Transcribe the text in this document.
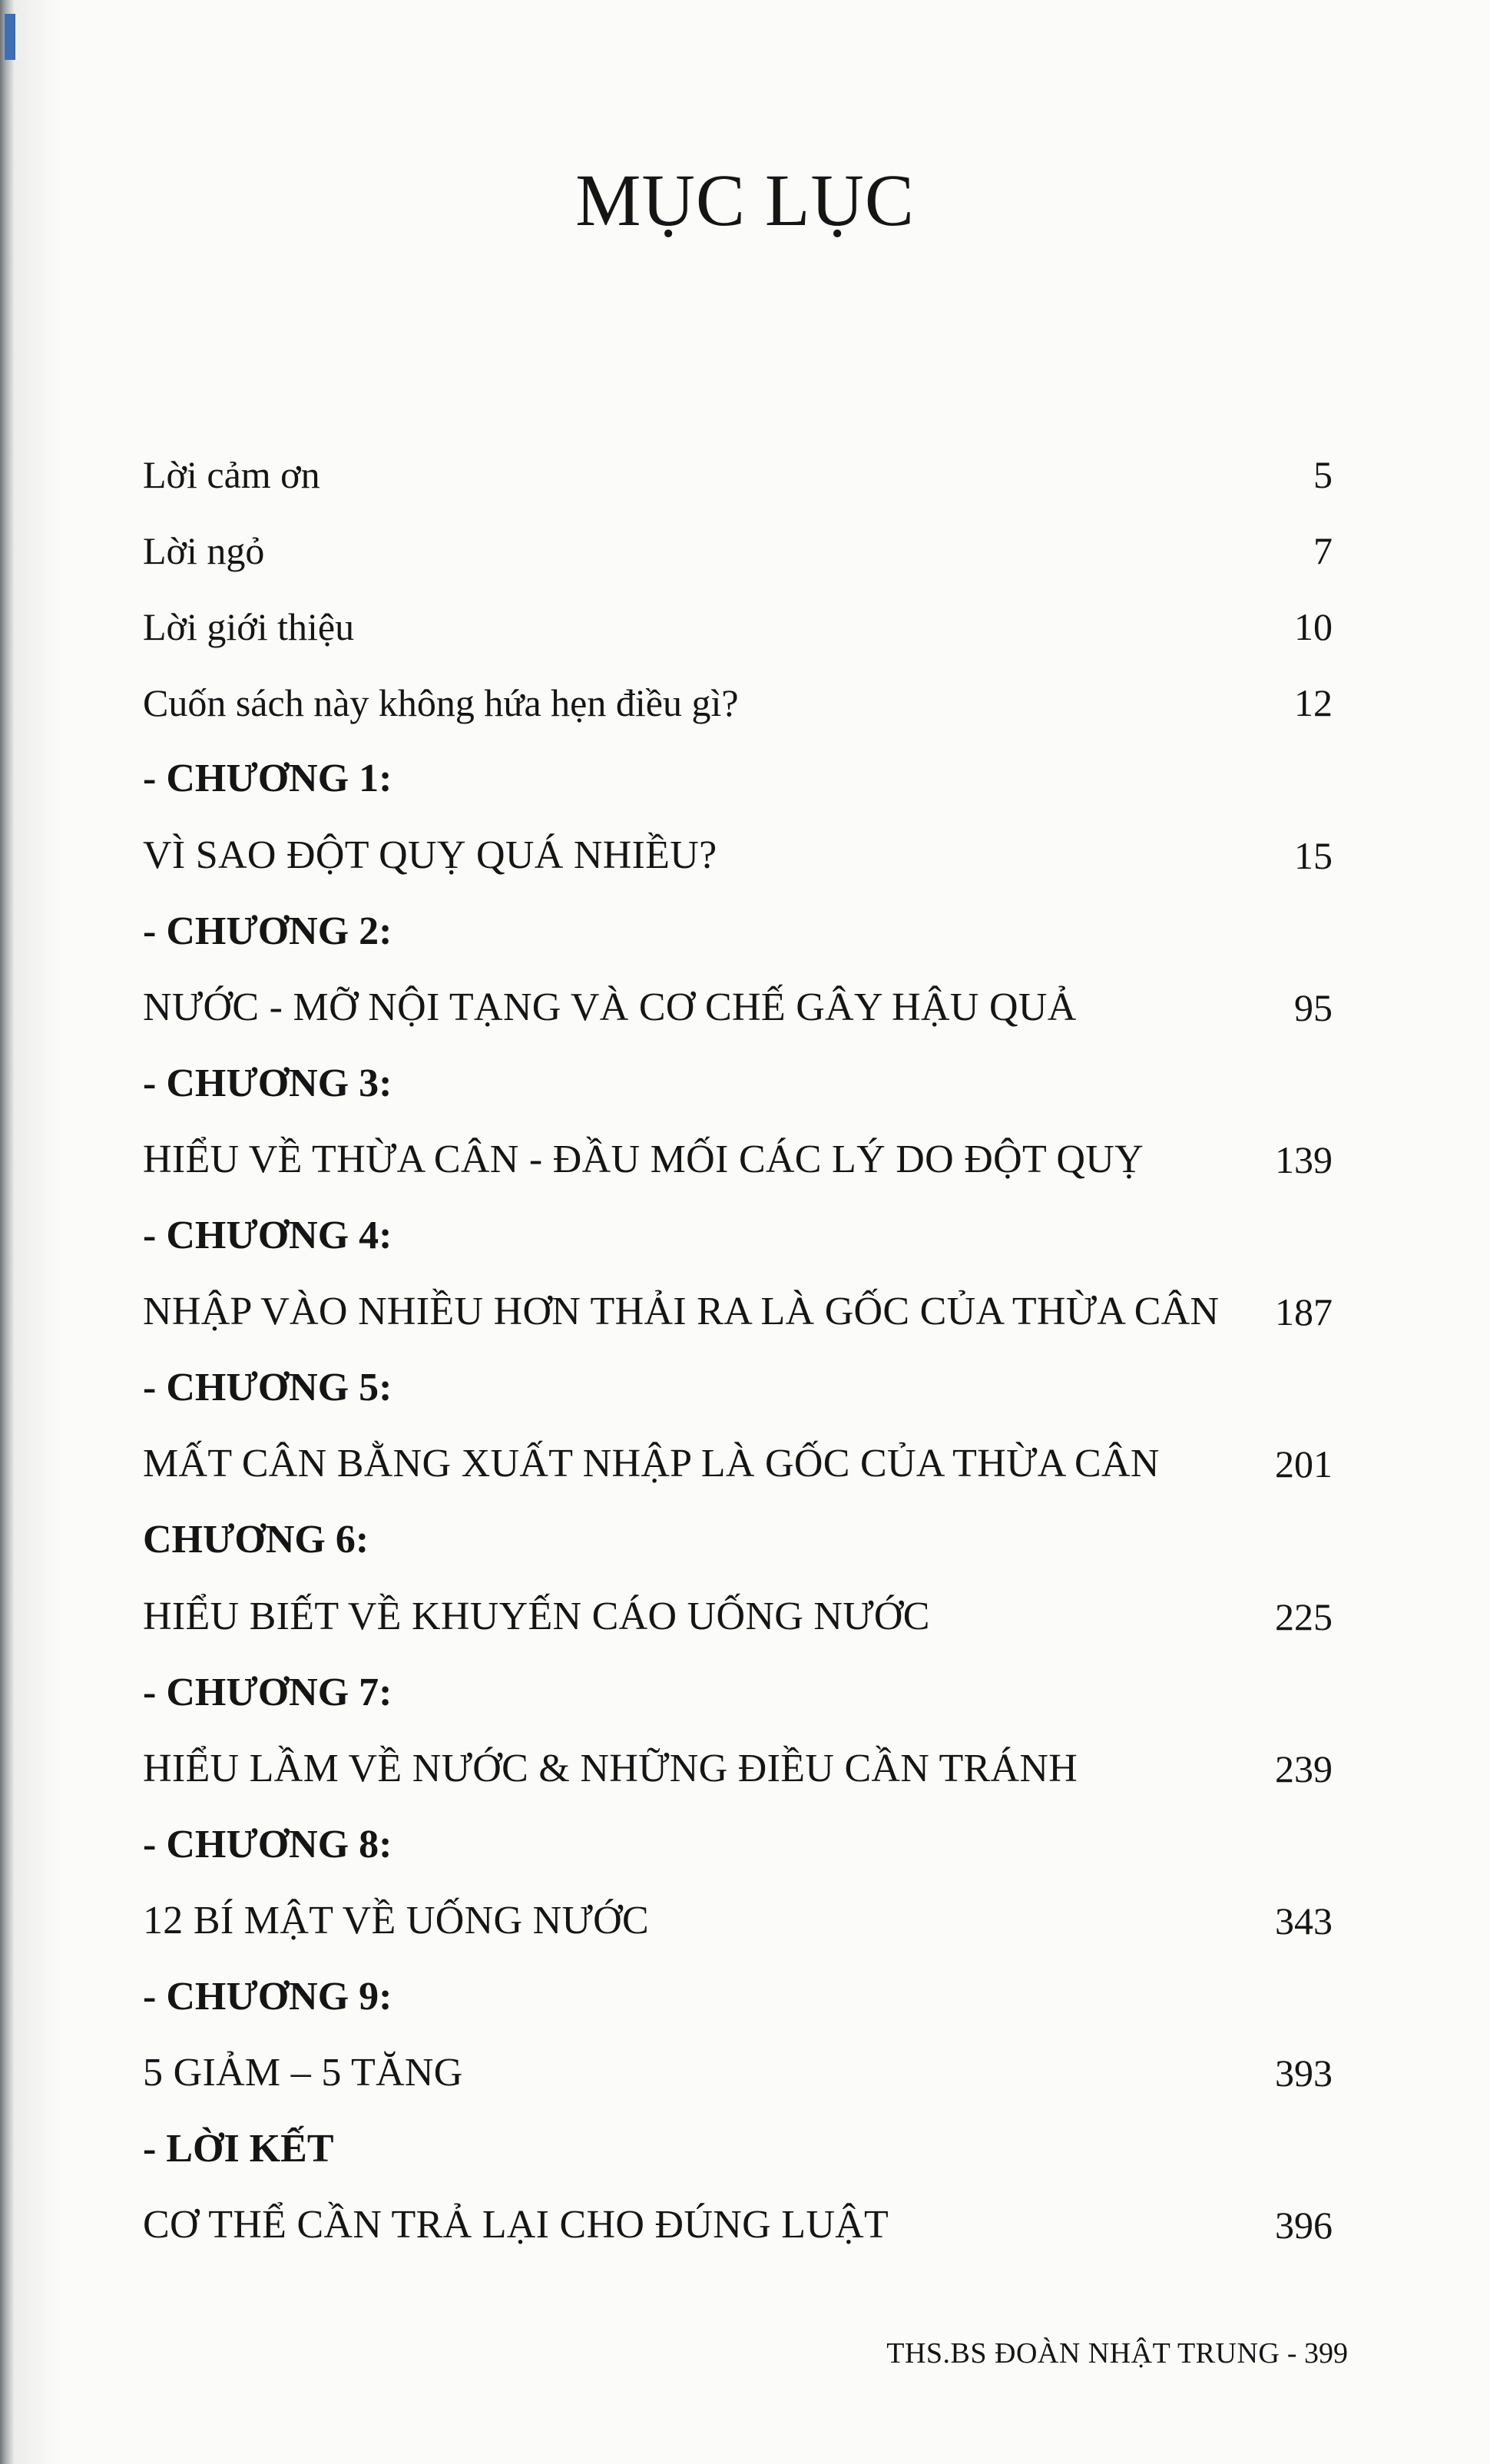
MỤC LỤC
Lời cảm ơn	5
Lời ngỏ	7
Lời giới thiệu	10
Cuốn sách này không hứa hẹn điều gì?	12
- CHƯƠNG 1:
VÌ SAO ĐỘT QUỴ QUÁ NHIỀU?	15
- CHƯƠNG 2:
NƯỚC - MỠ NỘI TẠNG VÀ CƠ CHẾ GÂY HẬU QUẢ	95
- CHƯƠNG 3:
HIỂU VỀ THỪA CÂN - ĐẦU MỐI CÁC LÝ DO ĐỘT QUỴ	139
- CHƯƠNG 4:
NHẬP VÀO NHIỀU HƠN THẢI RA LÀ GỐC CỦA THỪA CÂN 187
- CHƯƠNG 5:
MẤT CÂN BẰNG XUẤT NHẬP LÀ GỐC CỦA THỪA CÂN	201
CHƯƠNG 6:
HIỂU BIẾT VỀ KHUYẾN CÁO UỐNG NƯỚC	225
- CHƯƠNG 7:
HIỂU LẦM VỀ NƯỚC & NHỮNG ĐIỀU CẦN TRÁNH	239
- CHƯƠNG 8:
12 BÍ MẬT VỀ UỐNG NƯỚC	343
- CHƯƠNG 9:
5 GIẢM – 5 TĂNG	393
- LỜI KẾT
CƠ THỂ CẦN TRẢ LẠI CHO ĐÚNG LUẬT	396
THS.BS ĐOÀN NHẬT TRUNG - 399
